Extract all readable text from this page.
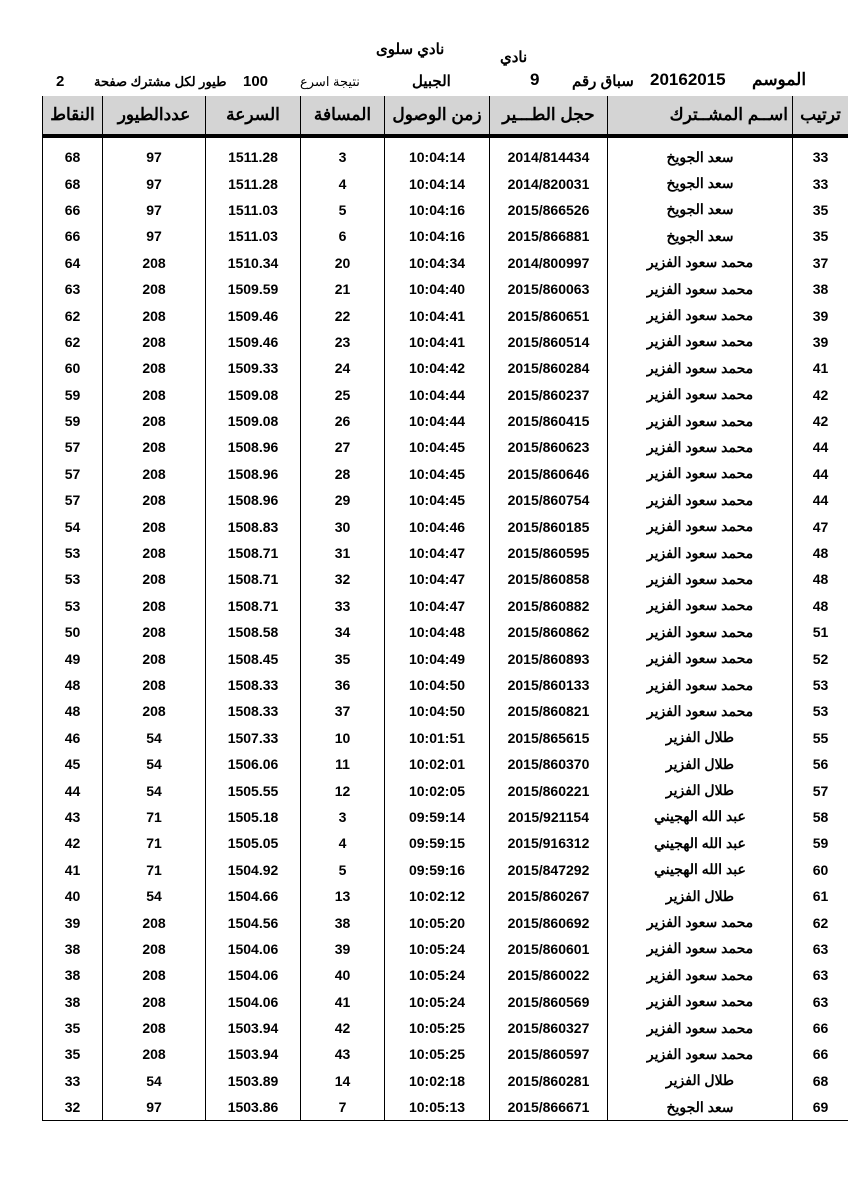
نادي سلوى	نادي
الموسم
20162015
سباق رقم
9
الجبيل
نتيجة اسرع
100
طيور لكل مشترك صفحة
2
النقاط	عددالطيور	السرعة	المسافة	زمن الوصول	حجل الطـــير	اســم المشــترك	ترتيب

68	97	1511.28	3	10:04:14	2014/814434	سعد الجويخ	33
68	97	1511.28	4	10:04:14	2014/820031	سعد الجويخ	33
66	97	1511.03	5	10:04:16	2015/866526	سعد الجويخ	35
66	97	1511.03	6	10:04:16	2015/866881	سعد الجويخ	35
64	208	1510.34	20	10:04:34	2014/800997	محمد سعود الفزير	37
63	208	1509.59	21	10:04:40	2015/860063	محمد سعود الفزير	38
62	208	1509.46	22	10:04:41	2015/860651	محمد سعود الفزير	39
62	208	1509.46	23	10:04:41	2015/860514	محمد سعود الفزير	39
60	208	1509.33	24	10:04:42	2015/860284	محمد سعود الفزير	41
59	208	1509.08	25	10:04:44	2015/860237	محمد سعود الفزير	42
59	208	1509.08	26	10:04:44	2015/860415	محمد سعود الفزير	42
57	208	1508.96	27	10:04:45	2015/860623	محمد سعود الفزير	44
57	208	1508.96	28	10:04:45	2015/860646	محمد سعود الفزير	44
57	208	1508.96	29	10:04:45	2015/860754	محمد سعود الفزير	44
54	208	1508.83	30	10:04:46	2015/860185	محمد سعود الفزير	47
53	208	1508.71	31	10:04:47	2015/860595	محمد سعود الفزير	48
53	208	1508.71	32	10:04:47	2015/860858	محمد سعود الفزير	48
53	208	1508.71	33	10:04:47	2015/860882	محمد سعود الفزير	48
50	208	1508.58	34	10:04:48	2015/860862	محمد سعود الفزير	51
49	208	1508.45	35	10:04:49	2015/860893	محمد سعود الفزير	52
48	208	1508.33	36	10:04:50	2015/860133	محمد سعود الفزير	53
48	208	1508.33	37	10:04:50	2015/860821	محمد سعود الفزير	53
46	54	1507.33	10	10:01:51	2015/865615	طلال الفزير	55
45	54	1506.06	11	10:02:01	2015/860370	طلال الفزير	56
44	54	1505.55	12	10:02:05	2015/860221	طلال الفزير	57
43	71	1505.18	3	09:59:14	2015/921154	عبد الله الهجيني	58
42	71	1505.05	4	09:59:15	2015/916312	عبد الله الهجيني	59
41	71	1504.92	5	09:59:16	2015/847292	عبد الله الهجيني	60
40	54	1504.66	13	10:02:12	2015/860267	طلال الفزير	61
39	208	1504.56	38	10:05:20	2015/860692	محمد سعود الفزير	62
38	208	1504.06	39	10:05:24	2015/860601	محمد سعود الفزير	63
38	208	1504.06	40	10:05:24	2015/860022	محمد سعود الفزير	63
38	208	1504.06	41	10:05:24	2015/860569	محمد سعود الفزير	63
35	208	1503.94	42	10:05:25	2015/860327	محمد سعود الفزير	66
35	208	1503.94	43	10:05:25	2015/860597	محمد سعود الفزير	66
33	54	1503.89	14	10:02:18	2015/860281	طلال الفزير	68
32	97	1503.86	7	10:05:13	2015/866671	سعد الجويخ	69
